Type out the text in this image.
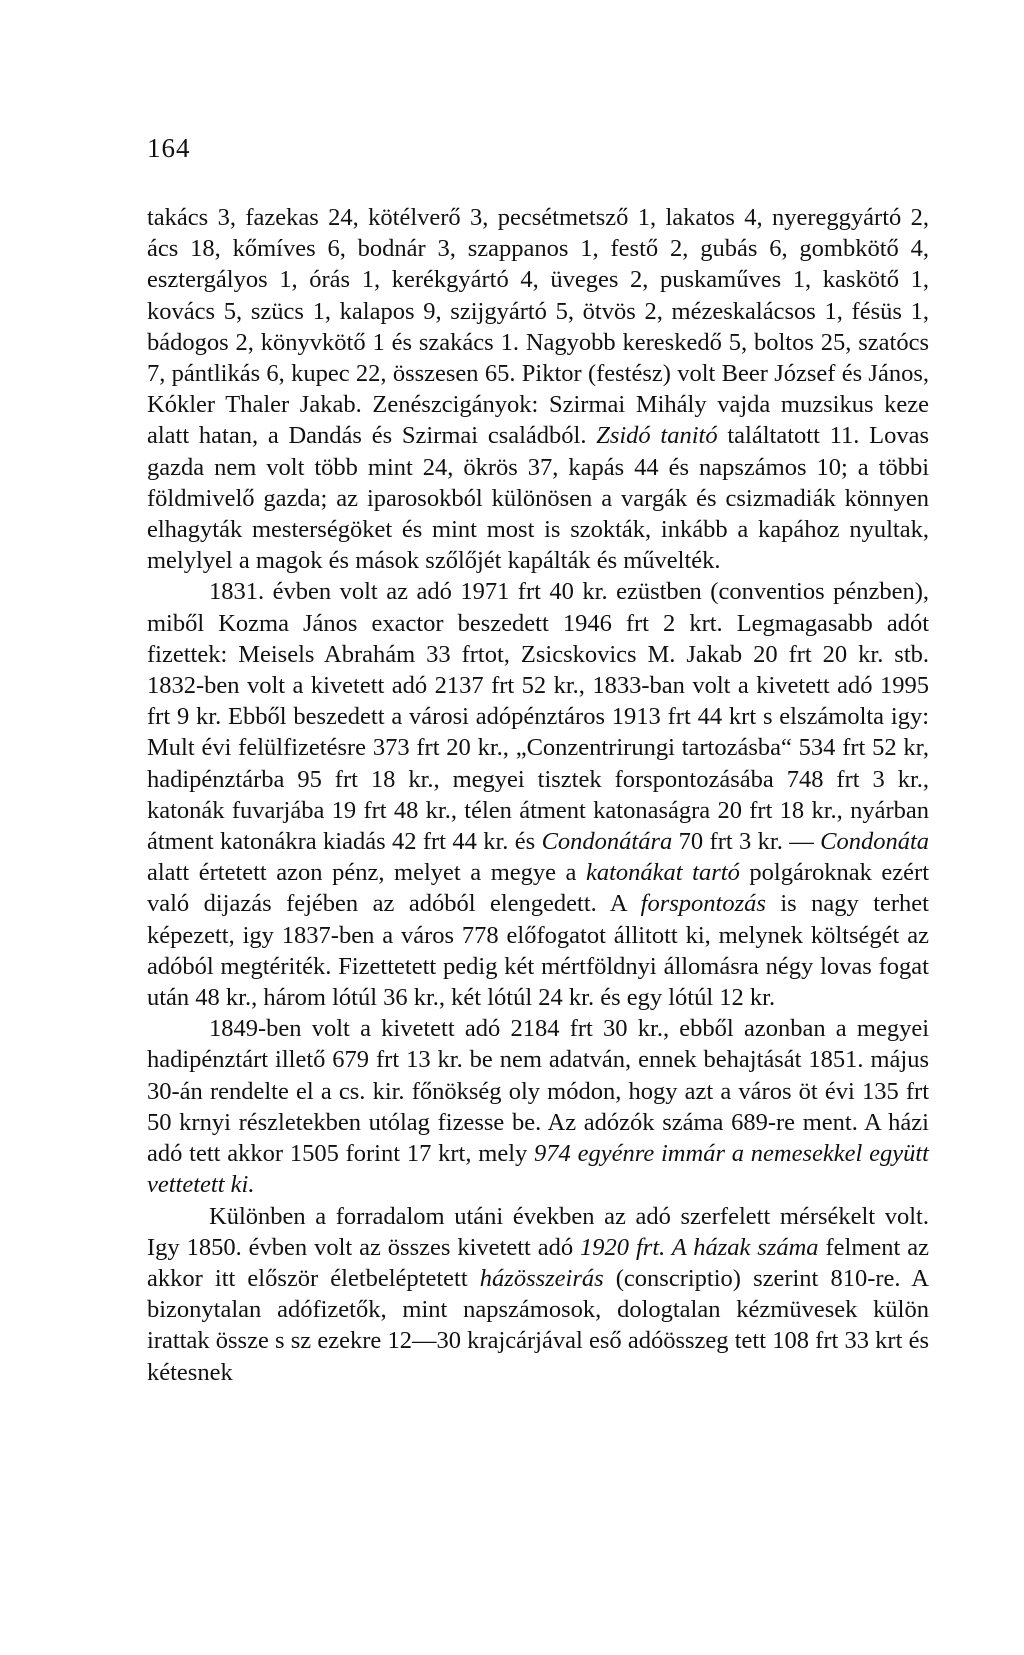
164

takács 3, fazekas 24, kötélverő 3, pecsétmetsző 1, lakatos 4, nyereggyártó 2, ács 18, kőmíves 6, bodnár 3, szappanos 1, festő 2, gubás 6, gombkötő 4, esztergályos 1, órás 1, kerékgyártó 4, üveges 2, puskaműves 1, kaskötő 1, kovács 5, szücs 1, kalapos 9, szijgyártó 5, ötvös 2, mézeskalácsos 1, fésüs 1, bádogos 2, könyvkötő 1 és szakács 1. Nagyobb kereskedő 5, boltos 25, szatócs 7, pántlikás 6, kupec 22, összesen 65. Piktor (festész) volt Beer József és János, Kókler Thaler Jakab. Zenészcigányok: Szirmai Mihály vajda muzsikus keze alatt hatan, a Dandás és Szirmai családból. Zsidó tanitó találtatott 11. Lovas gazda nem volt több mint 24, ökrös 37, kapás 44 és napszámos 10; a többi földmivelő gazda; az iparosokból különösen a vargák és csizmadiák könnyen elhagyták mesterségöket és mint most is szokták, inkább a kapához nyultak, melylyel a magok és mások szőlőjét kapálták és művelték.

1831. évben volt az adó 1971 frt 40 kr. ezüstben (conventios pénzben), miből Kozma János exactor beszedett 1946 frt 2 krt. Legmagasabb adót fizettek: Meisels Abrahám 33 frtot, Zsicskovics M. Jakab 20 frt 20 kr. stb. 1832-ben volt a kivetett adó 2137 frt 52 kr., 1833-ban volt a kivetett adó 1995 frt 9 kr. Ebből beszedett a városi adópénztáros 1913 frt 44 krt s elszámolta igy: Mult évi felülfizetésre 373 frt 20 kr., „Conzentrirungi tartozásba“ 534 frt 52 kr, hadipénztárba 95 frt 18 kr., megyei tisztek forspontozásába 748 frt 3 kr., katonák fuvarjába 19 frt 48 kr., télen átment katonaságra 20 frt 18 kr., nyárban átment katonákra kiadás 42 frt 44 kr. és Condonátára 70 frt 3 kr. — Condonáta alatt értetett azon pénz, melyet a megye a katonákat tartó polgároknak ezért való dijazás fejében az adóból elengedett. A forspontozás is nagy terhet képezett, igy 1837-ben a város 778 előfogatot állitott ki, melynek költségét az adóból megtériték. Fizettetett pedig két mértföldnyi állomásra négy lovas fogat után 48 kr., három lótúl 36 kr., két lótúl 24 kr. és egy lótúl 12 kr.

1849-ben volt a kivetett adó 2184 frt 30 kr., ebből azonban a megyei hadipénztárt illető 679 frt 13 kr. be nem adatván, ennek behajtását 1851. május 30-án rendelte el a cs. kir. főnökség oly módon, hogy azt a város öt évi 135 frt 50 krnyi részletekben utólag fizesse be. Az adózók száma 689-re ment. A házi adó tett akkor 1505 forint 17 krt, mely 974 egyénre immár a nemesekkel együtt vettetett ki.

Különben a forradalom utáni években az adó szerfelett mérsékelt volt. Igy 1850. évben volt az összes kivetett adó 1920 frt. A házak száma felment az akkor itt először életbeléptetett házösszeirás (conscriptio) szerint 810-re. A bizonytalan adófizetők, mint napszámosok, dologtalan kézmüvesek külön irattak össze s sz ezekre 12—30 krajcárjával eső adóösszeg tett 108 frt 33 krt és kétesnek
